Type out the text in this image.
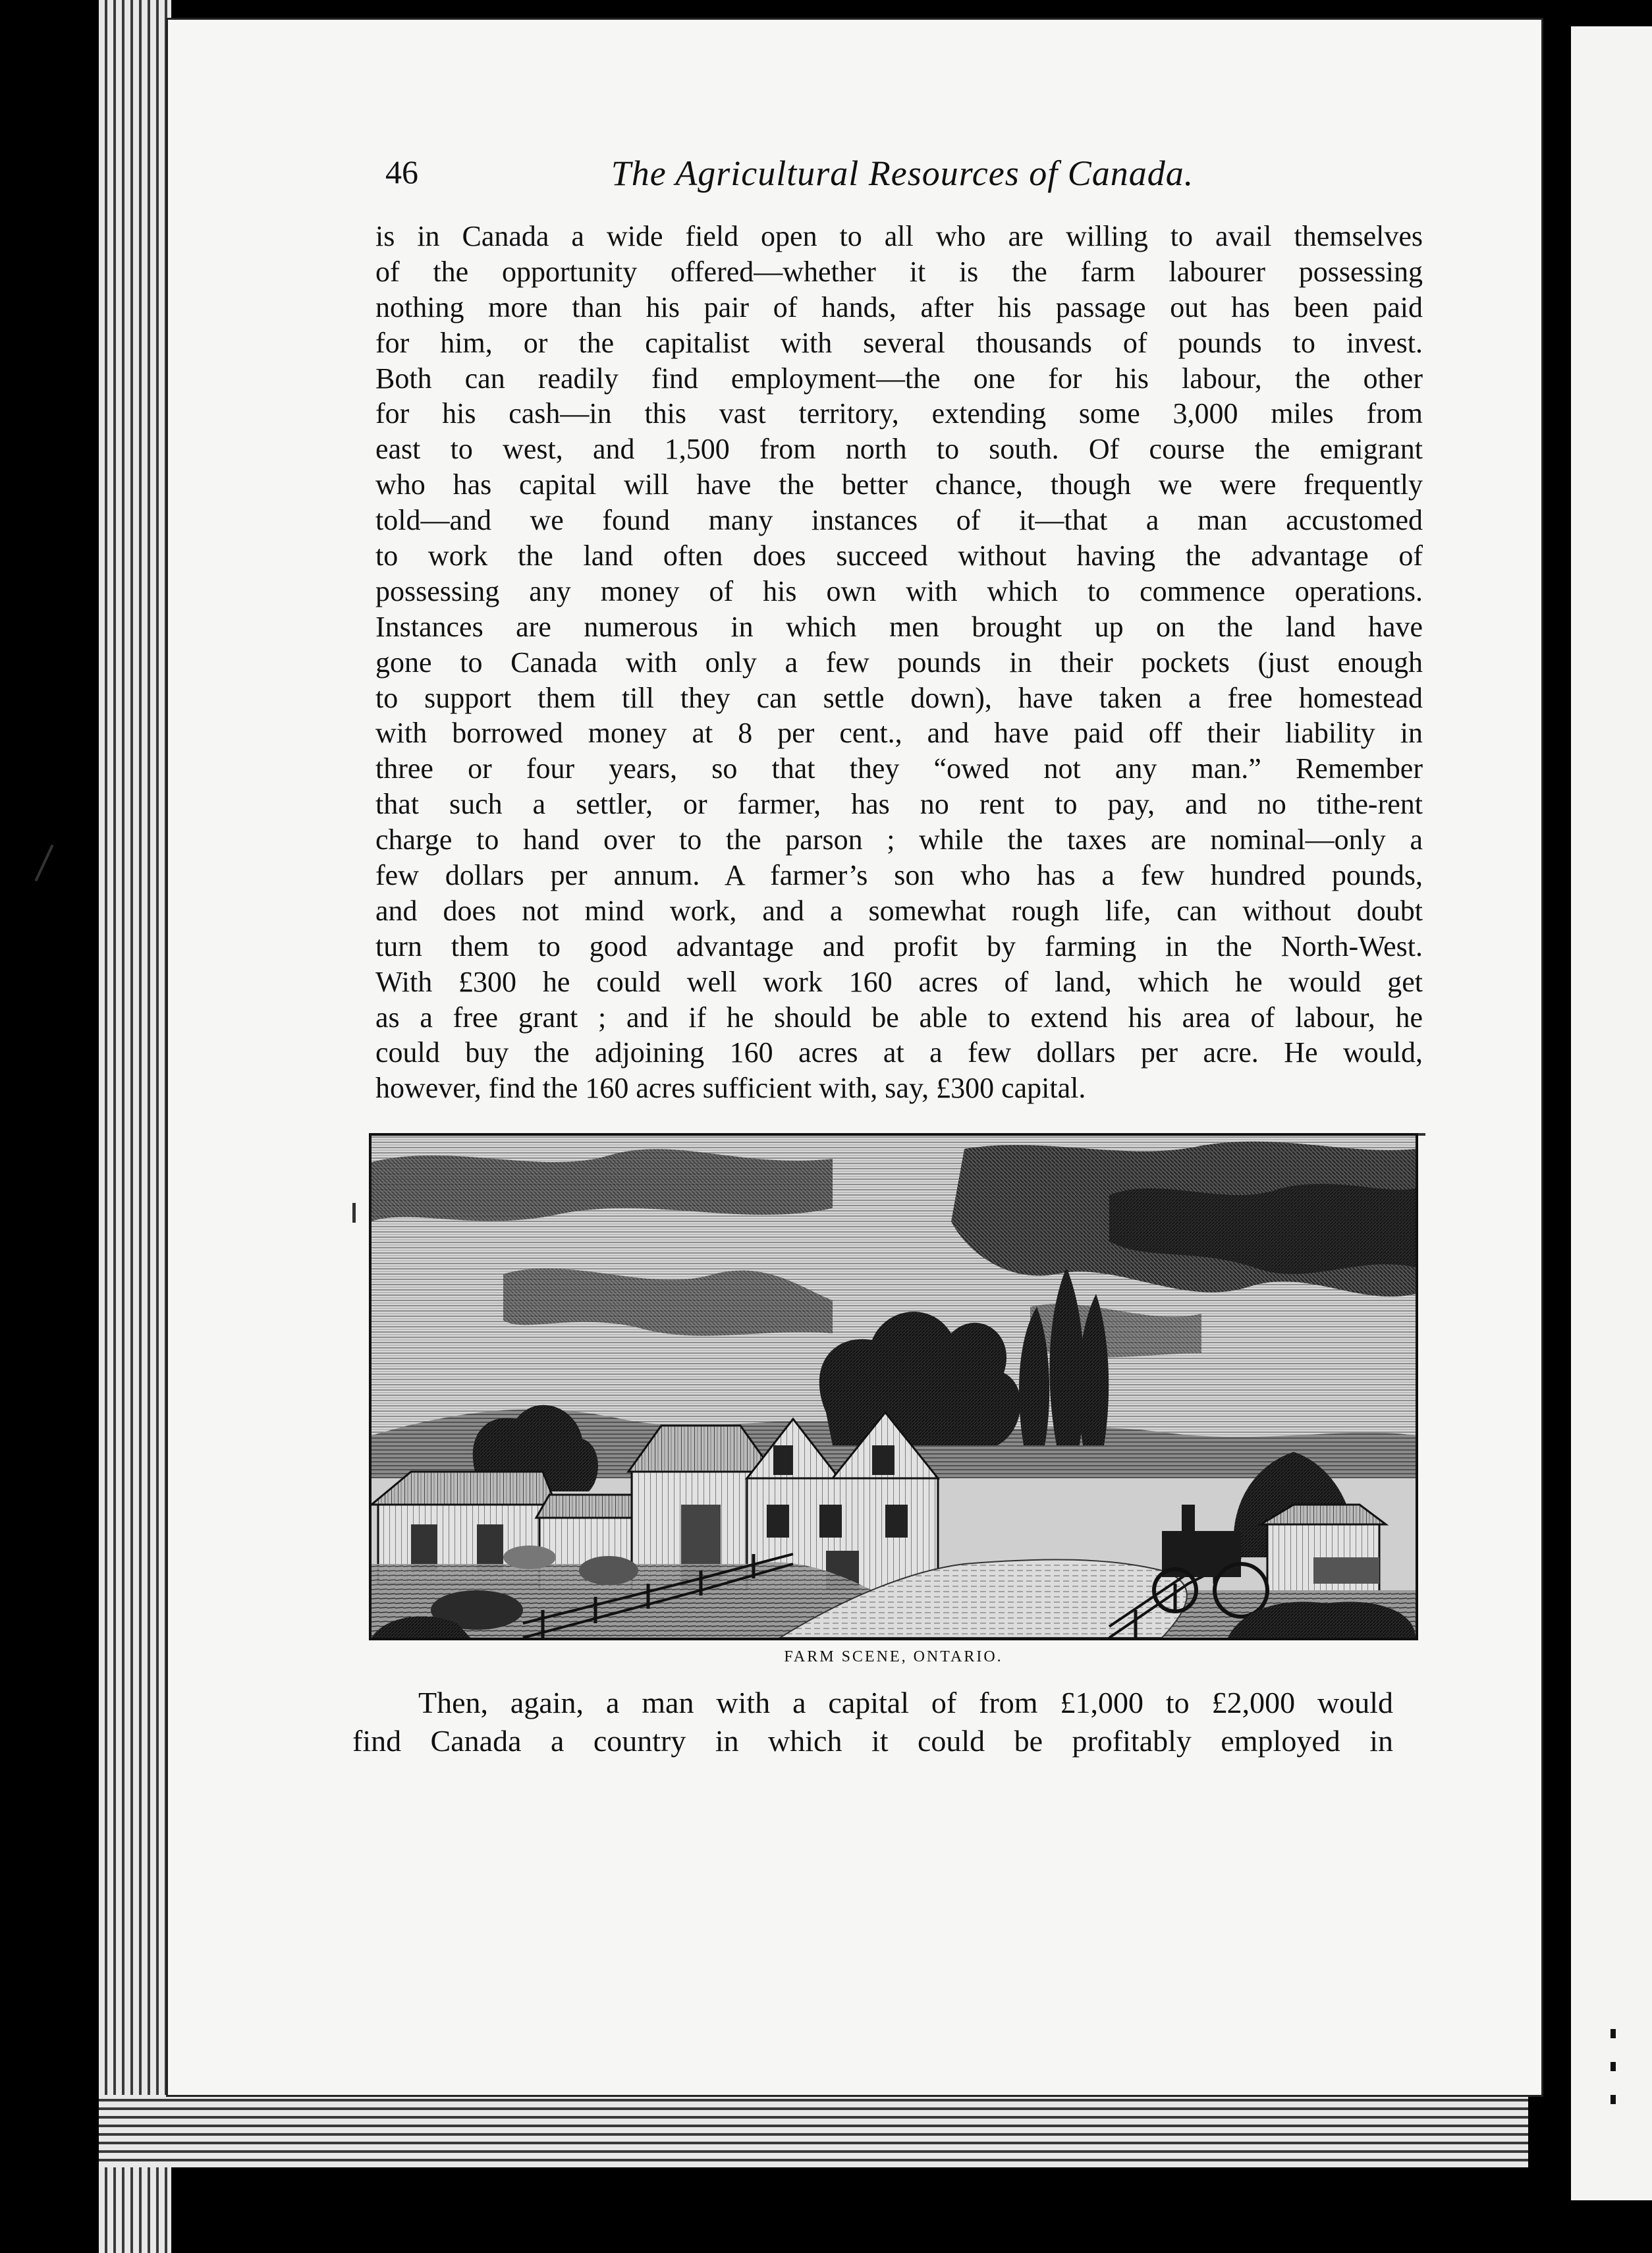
46	The Agricultural Resources of Canada.
is in Canada a wide field open to all who are willing to avail themselves
of the opportunity offered—whether it is the farm labourer possessing
nothing more than his pair of hands, after his passage out has been paid
for him, or the capitalist with several thousands of pounds to invest.
Both can readily find employment—the one for his labour, the other
for his cash—in this vast territory, extending some 3,000 miles from
east to west, and 1,500 from north to south. Of course the emigrant
who has capital will have the better chance, though we were frequently
told—and we found many instances of it—that a man accustomed
to work the land often does succeed without having the advantage of
possessing any money of his own with which to commence operations.
Instances are numerous in which men brought up on the land have
gone to Canada with only a few pounds in their pockets (just enough
to support them till they can settle down), have taken a free homestead
with borrowed money at 8 per cent., and have paid off their liability in
three or four years, so that they “owed not any man.” Remember
that such a settler, or farmer, has no rent to pay, and no tithe-rent
charge to hand over to the parson ; while the taxes are nominal—only a
few dollars per annum. A farmer’s son who has a few hundred pounds,
and does not mind work, and a somewhat rough life, can without doubt
turn them to good advantage and profit by farming in the North-West.
With £300 he could well work 160 acres of land, which he would get
as a free grant ; and if he should be able to extend his area of labour, he
could buy the adjoining 160 acres at a few dollars per acre. He would,
however, find the 160 acres sufficient with, say, £300 capital.
FARM SCENE, ONTARIO.
Then, again, a man with a capital of from £1,000 to £2,000 would
find Canada a country in which it could be profitably employed in
